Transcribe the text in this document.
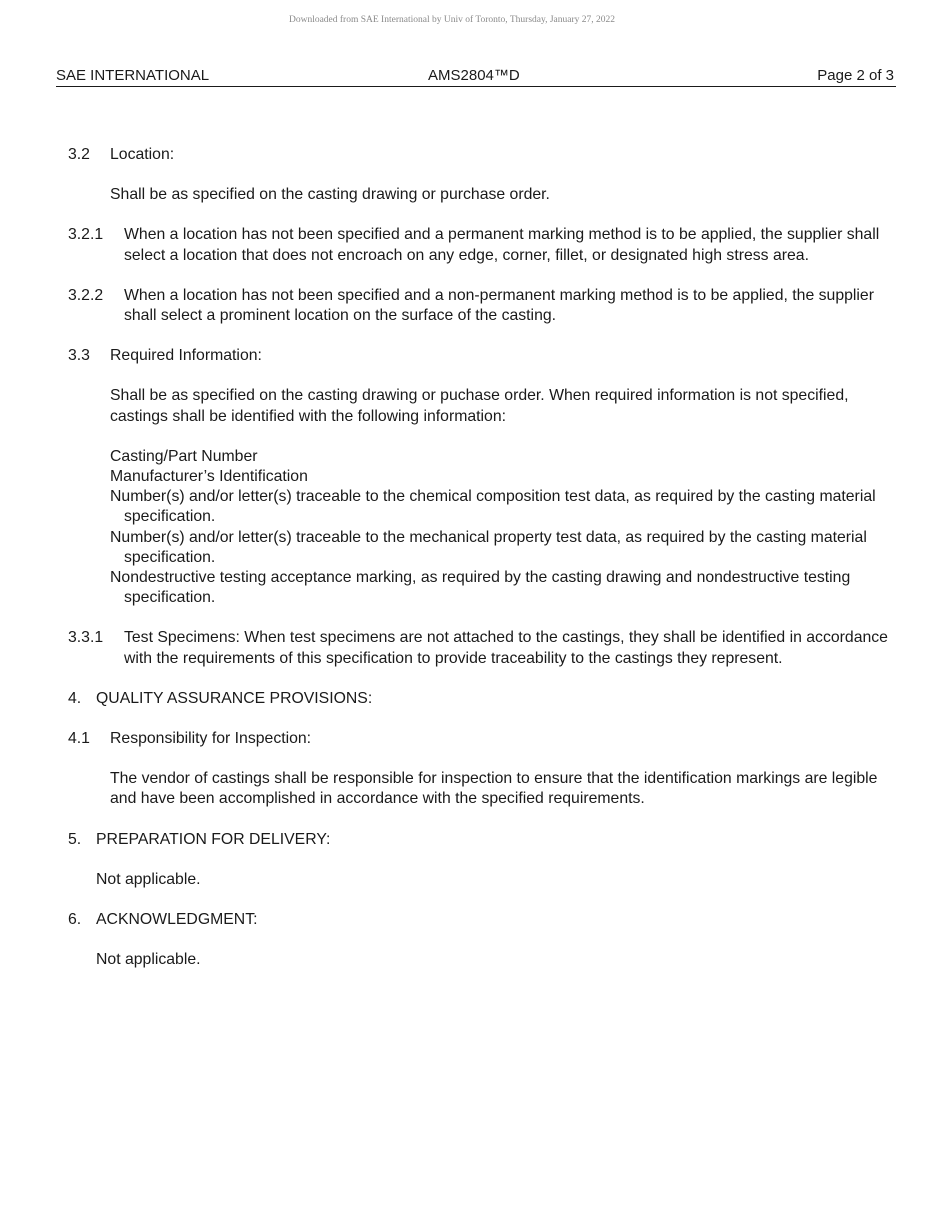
Downloaded from SAE International by Univ of Toronto, Thursday, January 27, 2022
SAE INTERNATIONAL	AMS2804™D	Page 2 of 3
3.2	Location:
Shall be as specified on the casting drawing or purchase order.
3.2.1	When a location has not been specified and a permanent marking method is to be applied, the supplier shall select a location that does not encroach on any edge, corner, fillet, or designated high stress area.
3.2.2	When a location has not been specified and a non-permanent marking method is to be applied, the supplier shall select a prominent location on the surface of the casting.
3.3	Required Information:
Shall be as specified on the casting drawing or puchase order. When required information is not specified, castings shall be identified with the following information:
Casting/Part Number
Manufacturer’s Identification
Number(s) and/or letter(s) traceable to the chemical composition test data, as required by the casting material specification.
Number(s) and/or letter(s) traceable to the mechanical property test data, as required by the casting material specification.
Nondestructive testing acceptance marking, as required by the casting drawing and nondestructive testing specification.
3.3.1	Test Specimens: When test specimens are not attached to the castings, they shall be identified in accordance with the requirements of this specification to provide traceability to the castings they represent.
4. QUALITY ASSURANCE PROVISIONS:
4.1	Responsibility for Inspection:
The vendor of castings shall be responsible for inspection to ensure that the identification markings are legible and have been accomplished in accordance with the specified requirements.
5. PREPARATION FOR DELIVERY:
Not applicable.
6. ACKNOWLEDGMENT:
Not applicable.
